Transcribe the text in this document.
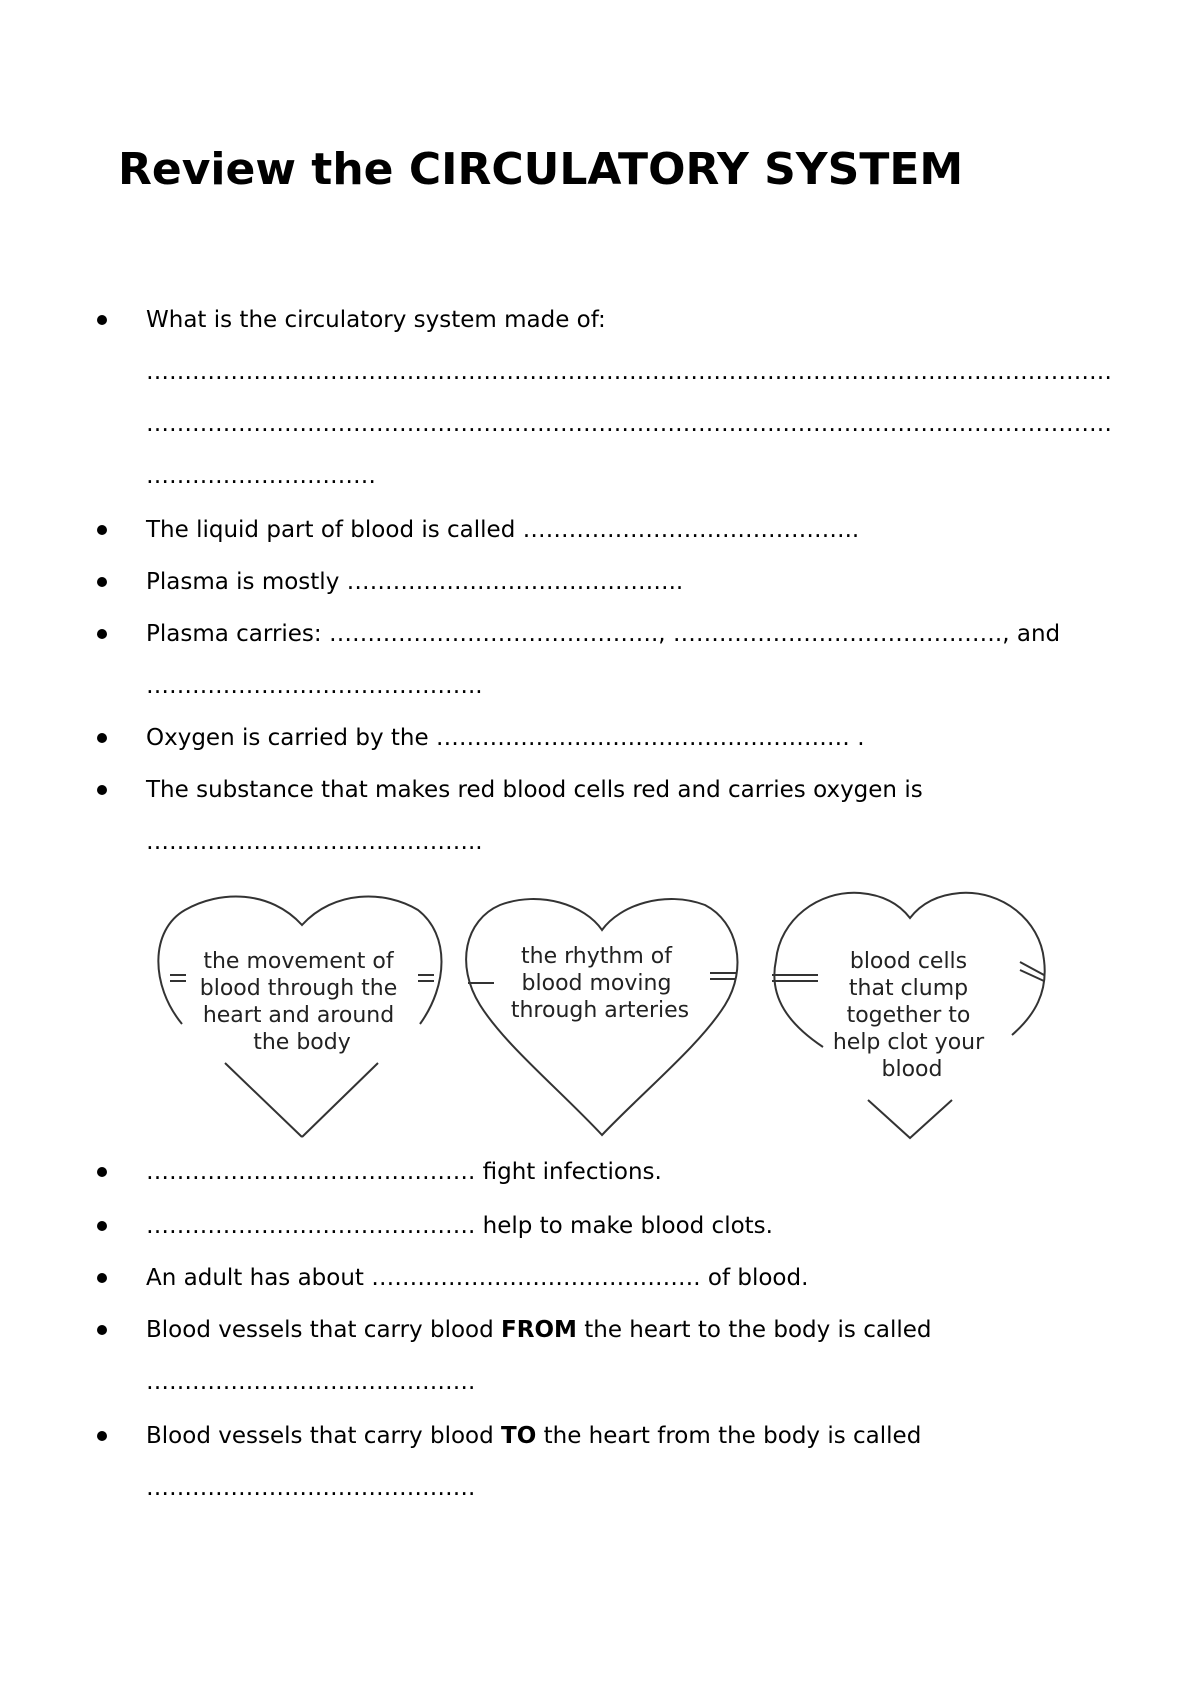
Review the CIRCULATORY SYSTEM
What is the circulatory system made of:
………………………………………………………………………………………………………………
………………………………………………………………………………………………………………
…………………………
The liquid part of blood is called ……………………………………..
Plasma is mostly ……………………………………..
Plasma carries: ……………………………………., ……………………………………., and
……………………………………..
Oxygen is carried by the ……………………………………………… .
The substance that makes red blood cells red and carries oxygen is
……………………………………..
the movement of blood through the heart and around the body
the rhythm of blood moving through arteries
blood cells that clump together to help clot your blood
……………………………………. fight infections.
……………………………………. help to make blood clots.
An adult has about ……………………………………. of blood.
Blood vessels that carry blood FROM the heart to the body is called
…………………………………….
Blood vessels that carry blood TO the heart from the body is called
…………………………………….
